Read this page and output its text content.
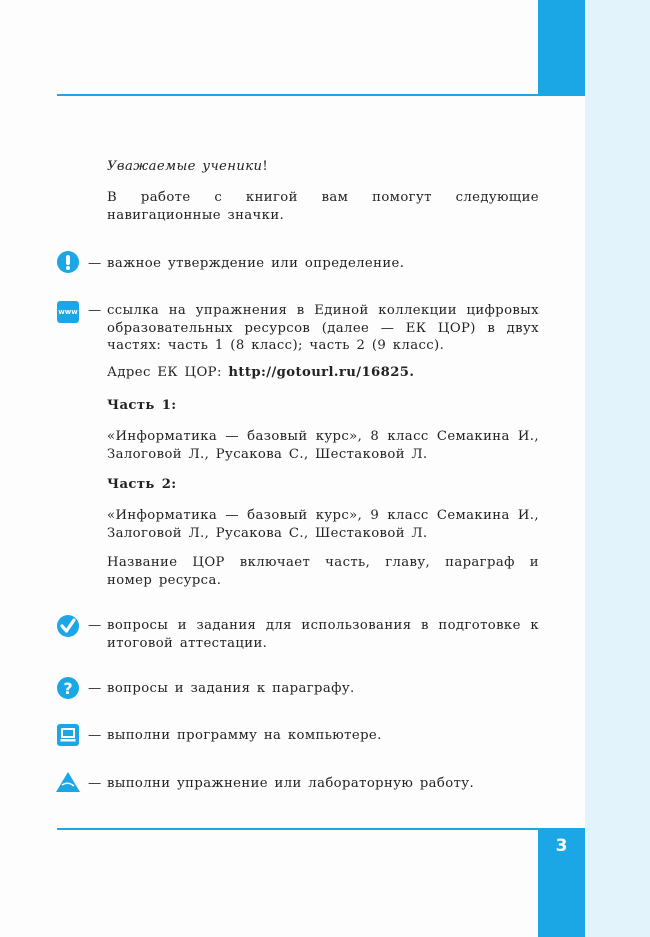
3
Уважаемые ученики!
В работе с книгой вам помогут следующие навигационные значки.
— важное утверждение или определение.
www — ссылка на упражнения в Единой коллекции цифровых образовательных ресурсов (далее — ЕК ЦОР) в двух частях: часть 1 (8 класс); часть 2 (9 класс).
Адрес ЕК ЦОР: http://gotourl.ru/16825.
Часть 1:
«Информатика — базовый курс», 8 класс Семакина И., Залоговой Л., Русакова С., Шестаковой Л.
Часть 2:
«Информатика — базовый курс», 9 класс Семакина И., Залоговой Л., Русакова С., Шестаковой Л.
Название ЦОР включает часть, главу, параграф и номер ресурса.
— вопросы и задания для использования в подготовке к итоговой аттестации.
? — вопросы и задания к параграфу.
— выполни программу на компьютере.
— выполни упражнение или лабораторную работу.
